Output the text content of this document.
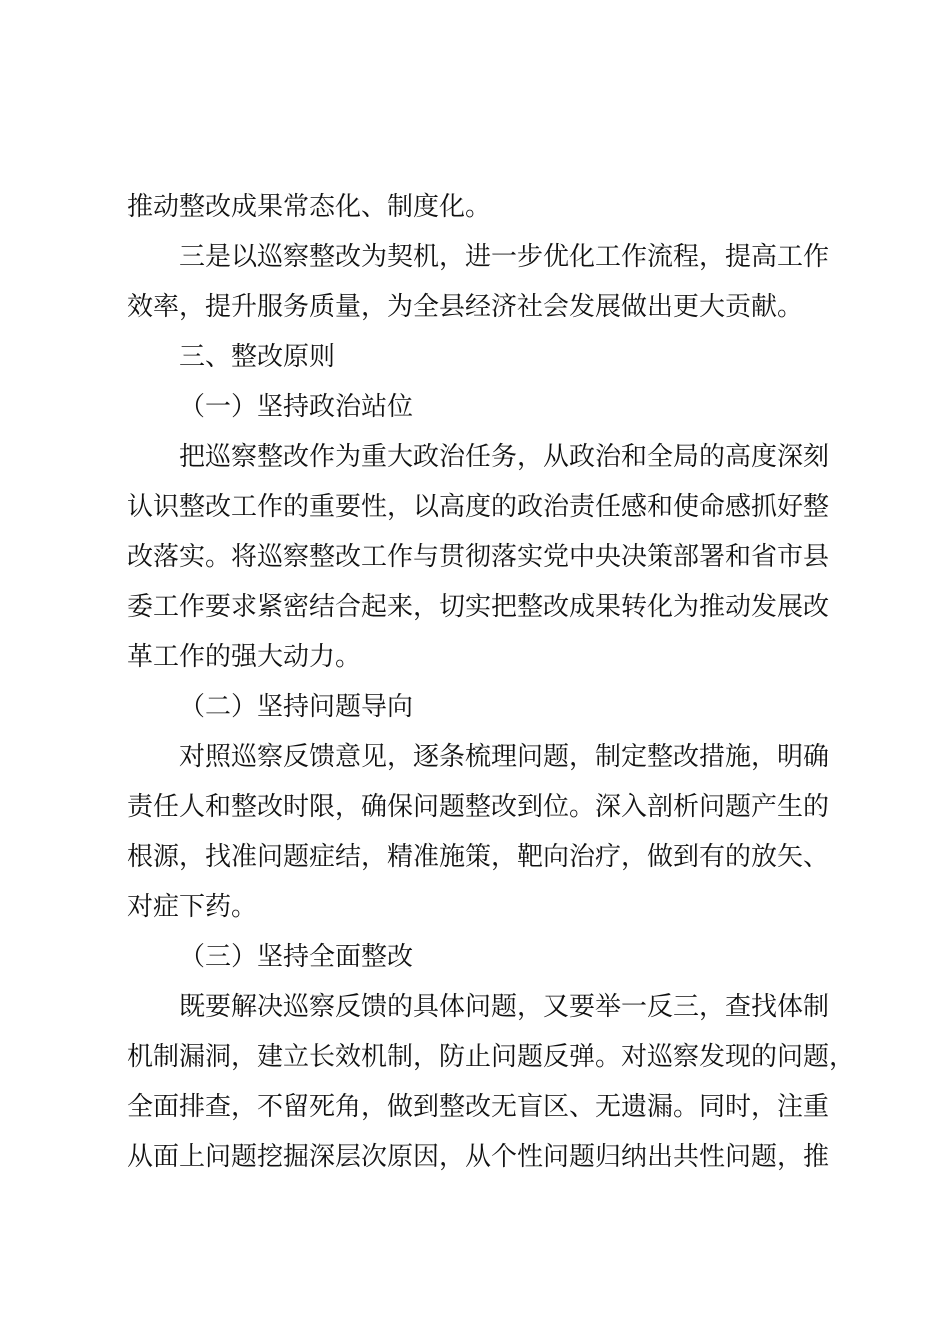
推动整改成果常态化、制度化。
三是以巡察整改为契机，进一步优化工作流程，提高工作
效率，提升服务质量，为全县经济社会发展做出更大贡献。
三、整改原则
（一）坚持政治站位
把巡察整改作为重大政治任务，从政治和全局的高度深刻
认识整改工作的重要性，以高度的政治责任感和使命感抓好整
改落实。将巡察整改工作与贯彻落实党中央决策部署和省市县
委工作要求紧密结合起来，切实把整改成果转化为推动发展改
革工作的强大动力。
（二）坚持问题导向
对照巡察反馈意见，逐条梳理问题，制定整改措施，明确
责任人和整改时限，确保问题整改到位。深入剖析问题产生的
根源，找准问题症结，精准施策，靶向治疗，做到有的放矢、
对症下药。
（三）坚持全面整改
既要解决巡察反馈的具体问题，又要举一反三，查找体制
机制漏洞，建立长效机制，防止问题反弹。对巡察发现的问题，
全面排查，不留死角，做到整改无盲区、无遗漏。同时，注重
从面上问题挖掘深层次原因，从个性问题归纳出共性问题，推
